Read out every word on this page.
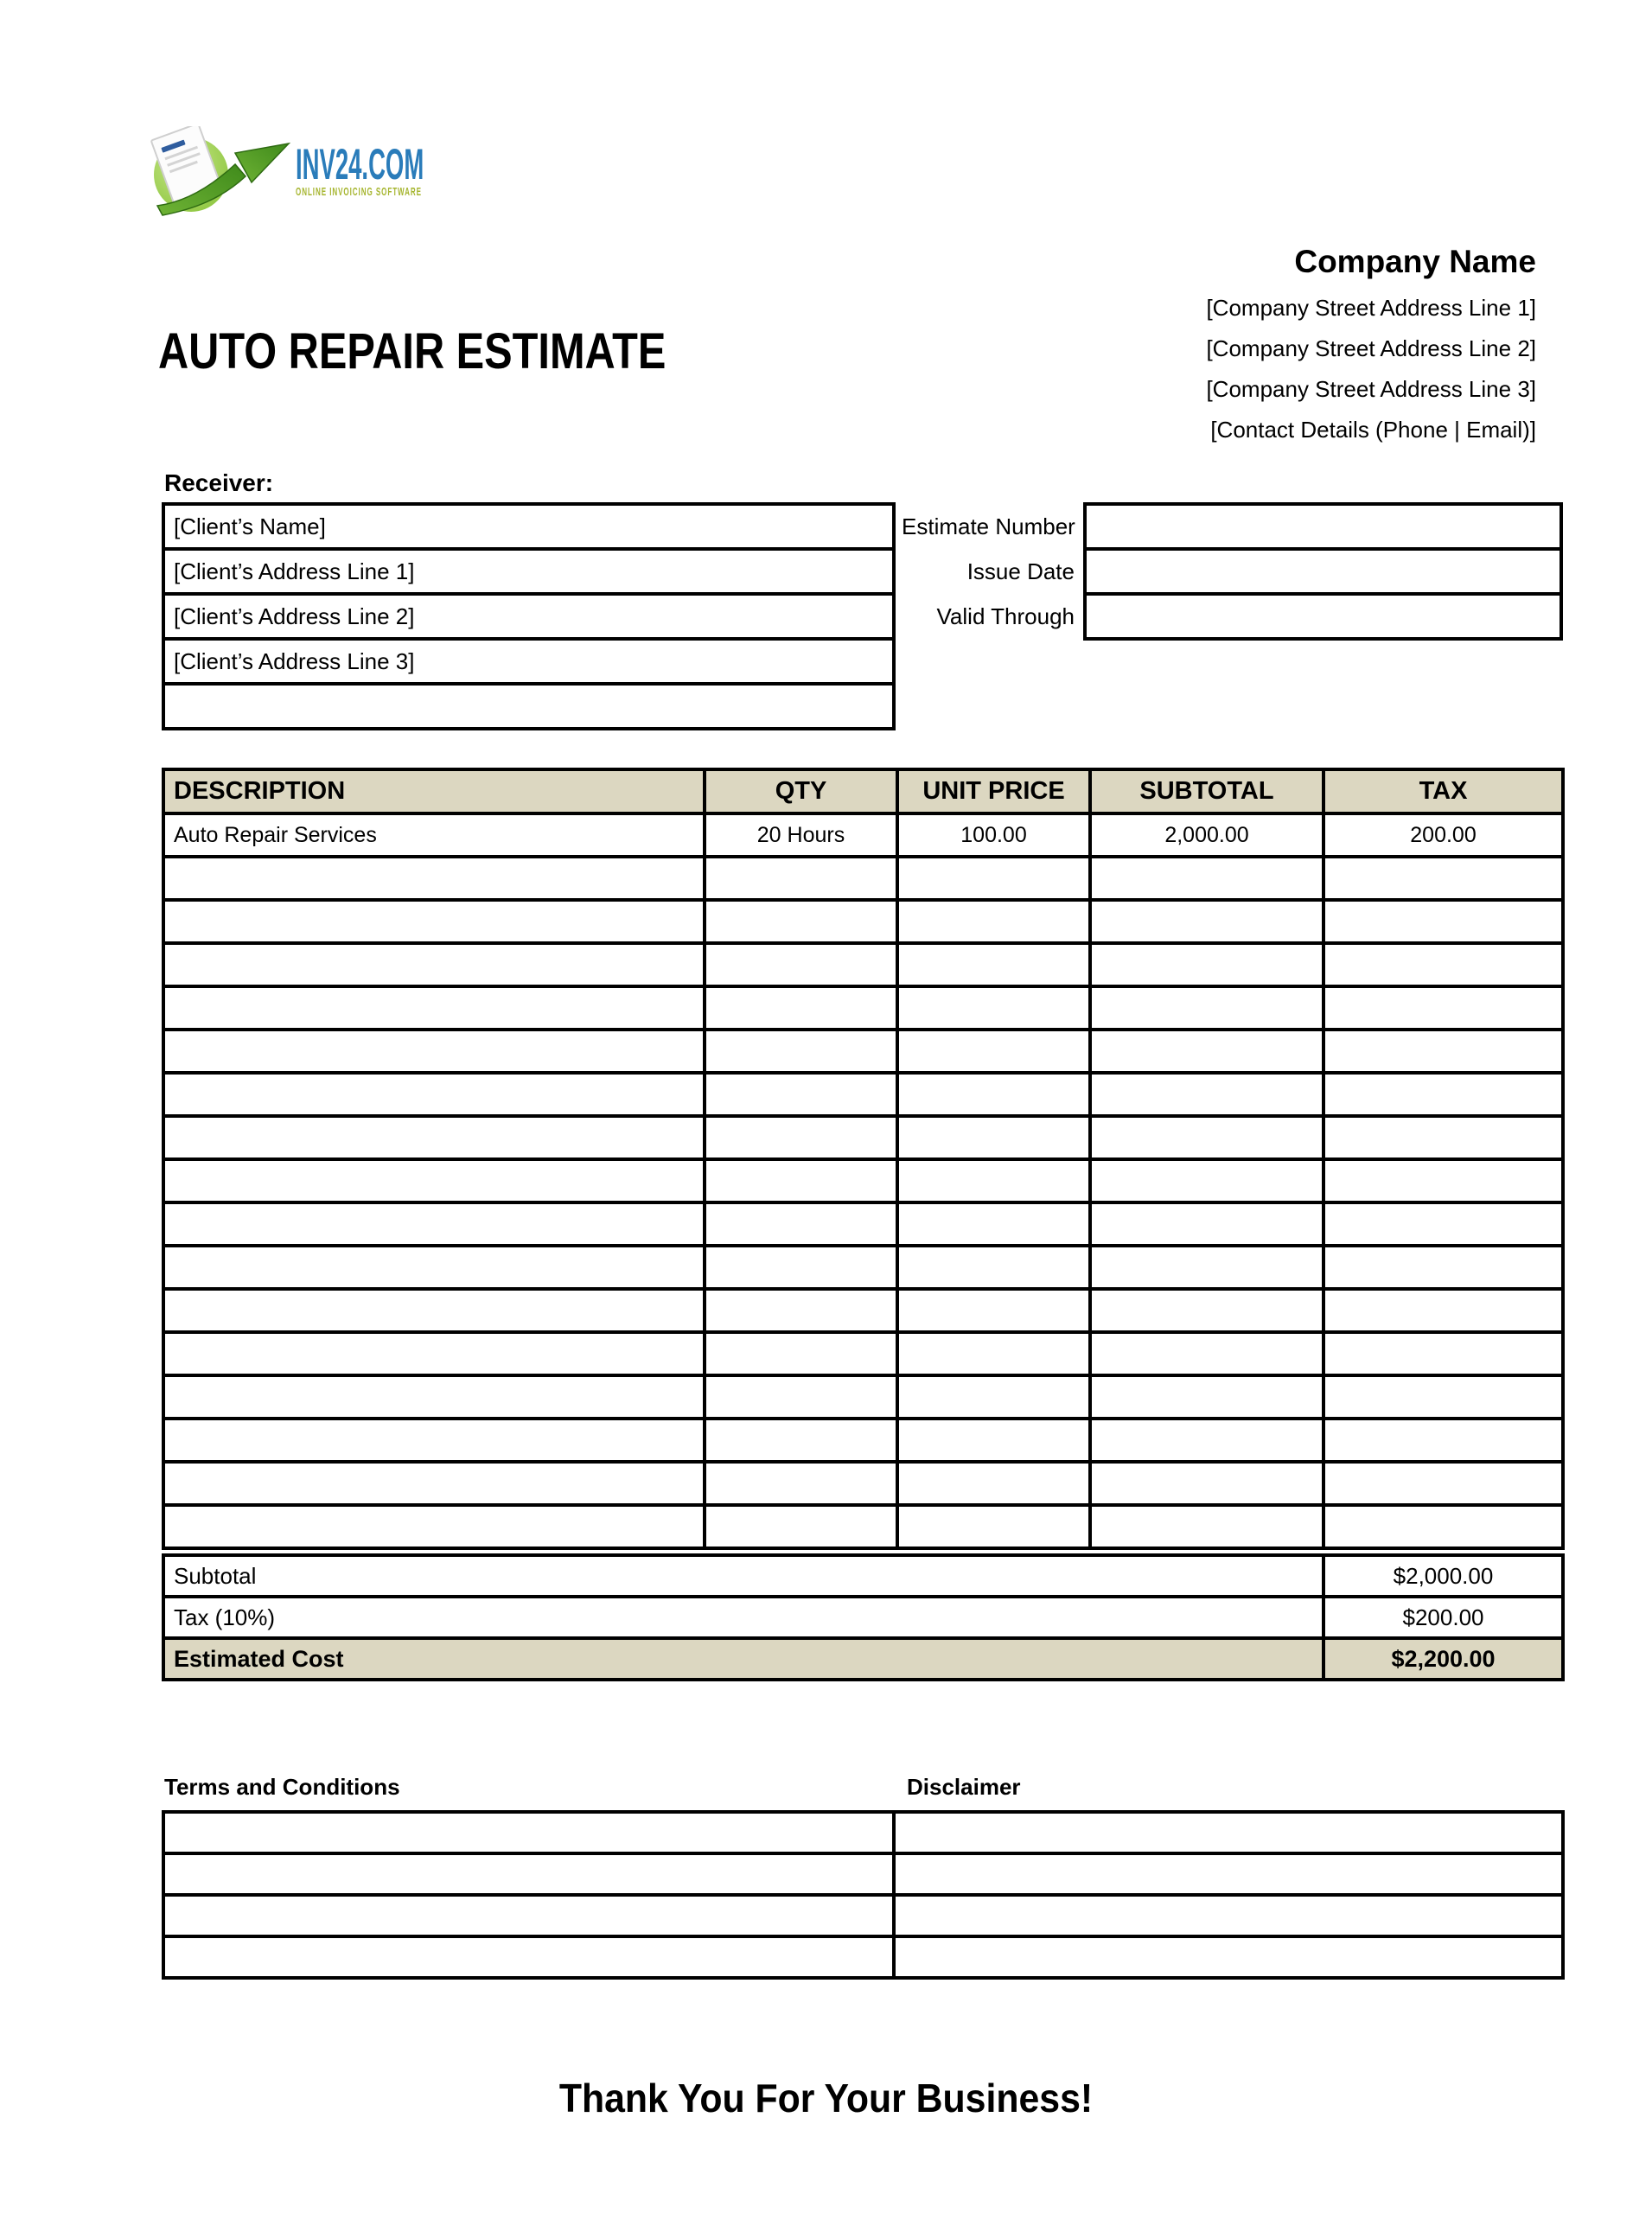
INV24.COM
ONLINE INVOICING SOFTWARE
Company Name
[Company Street Address Line 1]
[Company Street Address Line 2]
[Company Street Address Line 3]
[Contact Details (Phone | Email)]
AUTO REPAIR ESTIMATE
Receiver:
[Client’s Name]
[Client’s Address Line 1]
[Client’s Address Line 2]
[Client’s Address Line 3]

Estimate Number	
Issue Date	
Valid Through	
DESCRIPTION	QTY	UNIT PRICE	SUBTOTAL	TAX
Auto Repair Services	20 Hours	100.00	2,000.00	200.00

Subtotal	$2,000.00
Tax (10%)	$200.00
Estimated Cost	$2,200.00
Terms and Conditions	Disclaimer

Thank You For Your Business!
